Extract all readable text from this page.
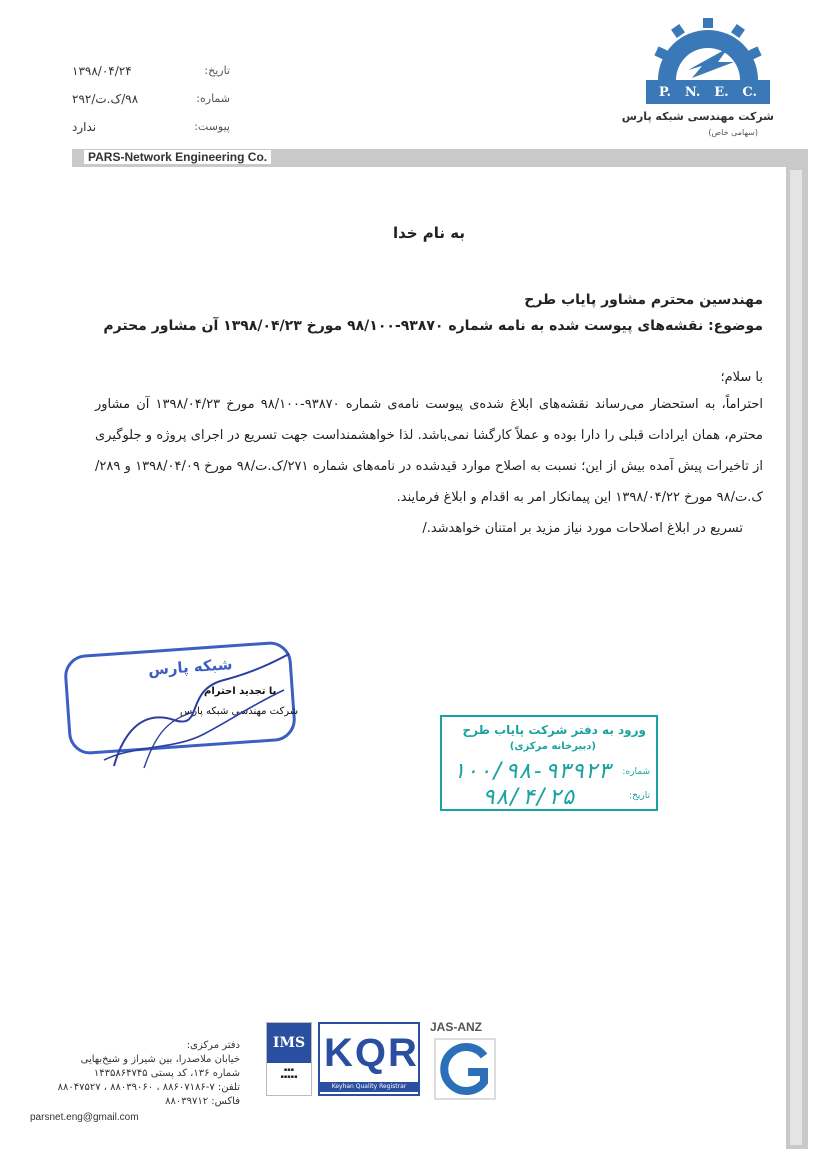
۱۳۹۸/۰۴/۲۴	تاریخ:
۹۸/ک.ت/۲۹۲	شماره:
ندارد	پیوست:
P. N. E. C.
شرکت مهندسی شبکه پارس
(سهامی خاص)
PARS-Network Engineering Co.
به نام خدا
مهندسین محترم مشاور پایاب طرح
موضوع: نقشه‌های پیوست شده به نامه شماره ۹۳۸۷۰-۹۸/۱۰۰ مورخ ۱۳۹۸/۰۴/۲۳ آن مشاور محترم
با سلام؛
احتراماً، به استحضار می‌رساند نقشه‌های ابلاغ شده‌ی پیوست نامه‌ی شماره ۹۳۸۷۰-۹۸/۱۰۰ مورخ ۱۳۹۸/۰۴/۲۳ آن مشاور محترم، همان ایرادات قبلی را دارا بوده و عملاً کارگشا نمی‌باشد. لذا خواهشمنداست جهت تسریع در اجرای پروژه و جلوگیری از تاخیرات پیش آمده بیش از این؛ نسبت به اصلاح موارد قیدشده در نامه‌های شماره ۲۷۱/ک.ت/۹۸ مورخ ۱۳۹۸/۰۴/۰۹ و ۲۸۹/ک.ت/۹۸ مورخ ۱۳۹۸/۰۴/۲۲ این پیمانکار امر به اقدام و ابلاغ فرمایند.
تسریع در ابلاغ اصلاحات مورد نیاز مزید بر امتنان خواهدشد./
شبکه پارس
با تجدید احترام
شرکت مهندسی شبکه پارس
ورود به دفتر شرکت پایاب طرح
(دبیرخانه مرکزی)
شماره:
۱۰۰/۹۸-۹۳۹۲۳
تاریخ:
۹۸/۴/۲۵
دفتر مرکزی:
خیابان ملاصدرا، بین شیراز و شیخ‌بهایی
شماره ۱۳۶، کد پستی ۱۴۳۵۸۶۴۷۴۵
تلفن: ۷-۸۸۶۰۷۱۸۶ ، ۸۸۰۳۹۰۶۰ ، ۸۸۰۴۷۵۲۷
فاکس: ۸۸۰۳۹۷۱۲
parsnet.eng@gmail.com
IMS
▪▪▪
▪▪▪▪▪
KQR
Keyhan Quality Registrar
JAS-ANZ
